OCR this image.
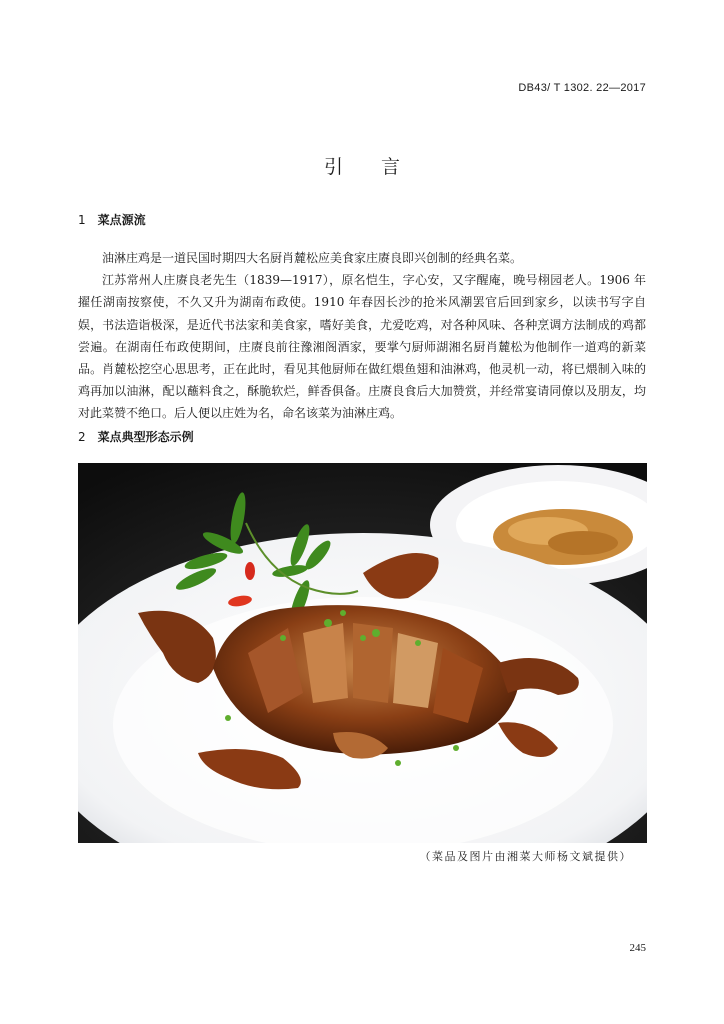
DB43/ T 1302. 22—2017
引言
1 菜点源流

油淋庄鸡是一道民国时期四大名厨肖麓松应美食家庄赓良即兴创制的经典名菜。

江苏常州人庄赓良老先生（1839—1917），原名恺生，字心安，又字醒庵，晚号栩园老人。1906 年擢任湖南按察使，不久又升为湖南布政使。1910 年春因长沙的抢米风潮罢官后回到家乡，以读书写字自娱，书法造诣极深，是近代书法家和美食家，嗜好美食，尤爱吃鸡，对各种风味、各种烹调方法制成的鸡都尝遍。在湖南任布政使期间，庄赓良前往豫湘阁酒家，要掌勺厨师湖湘名厨肖麓松为他制作一道鸡的新菜品。肖麓松挖空心思思考，正在此时，看见其他厨师在做红煨鱼翅和油淋鸡，他灵机一动，将已煨制入味的鸡再加以油淋，配以蘸料食之，酥脆软烂，鲜香俱备。庄赓良食后大加赞赏，并经常宴请同僚以及朋友，均对此菜赞不绝口。后人便以庄姓为名，命名该菜为油淋庄鸡。

2 菜点典型形态示例
（菜品及图片由湘菜大师杨文斌提供）
245
